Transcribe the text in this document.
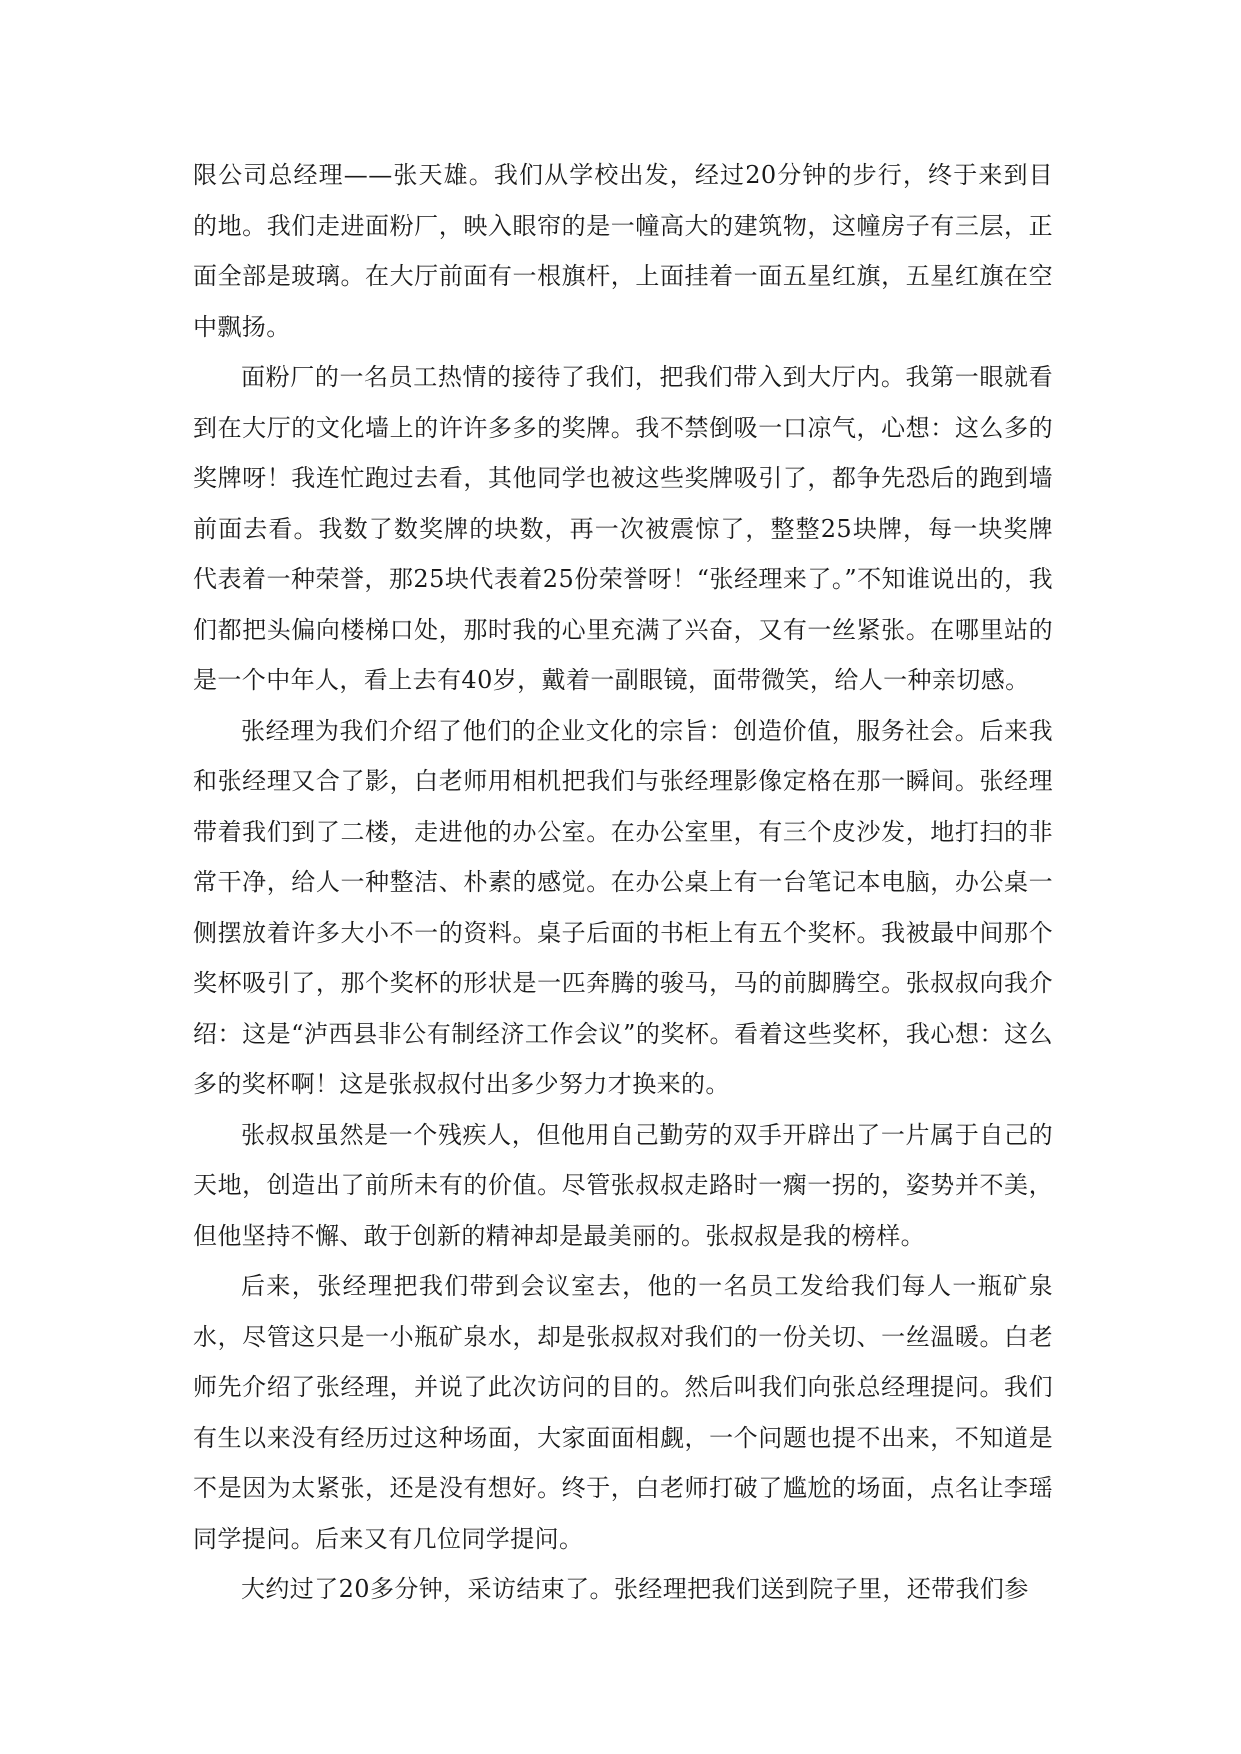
限公司总经理——张天雄。我们从学校出发，经过20分钟的步行，终于来到目的地。我们走进面粉厂，映入眼帘的是一幢高大的建筑物，这幢房子有三层，正面全部是玻璃。在大厅前面有一根旗杆，上面挂着一面五星红旗，五星红旗在空中飘扬。

面粉厂的一名员工热情的接待了我们，把我们带入到大厅内。我第一眼就看到在大厅的文化墙上的许许多多的奖牌。我不禁倒吸一口凉气，心想：这么多的奖牌呀！我连忙跑过去看，其他同学也被这些奖牌吸引了，都争先恐后的跑到墙前面去看。我数了数奖牌的块数，再一次被震惊了，整整25块牌，每一块奖牌代表着一种荣誉，那25块代表着25份荣誉呀！“张经理来了。”不知谁说出的，我们都把头偏向楼梯口处，那时我的心里充满了兴奋，又有一丝紧张。在哪里站的是一个中年人，看上去有40岁，戴着一副眼镜，面带微笑，给人一种亲切感。

张经理为我们介绍了他们的企业文化的宗旨：创造价值，服务社会。后来我和张经理又合了影，白老师用相机把我们与张经理影像定格在那一瞬间。张经理带着我们到了二楼，走进他的办公室。在办公室里，有三个皮沙发，地打扫的非常干净，给人一种整洁、朴素的感觉。在办公桌上有一台笔记本电脑，办公桌一侧摆放着许多大小不一的资料。桌子后面的书柜上有五个奖杯。我被最中间那个奖杯吸引了，那个奖杯的形状是一匹奔腾的骏马，马的前脚腾空。张叔叔向我介绍：这是“泸西县非公有制经济工作会议”的奖杯。看着这些奖杯，我心想：这么多的奖杯啊！这是张叔叔付出多少努力才换来的。

张叔叔虽然是一个残疾人，但他用自己勤劳的双手开辟出了一片属于自己的天地，创造出了前所未有的价值。尽管张叔叔走路时一瘸一拐的，姿势并不美，但他坚持不懈、敢于创新的精神却是最美丽的。张叔叔是我的榜样。

后来，张经理把我们带到会议室去，他的一名员工发给我们每人一瓶矿泉水，尽管这只是一小瓶矿泉水，却是张叔叔对我们的一份关切、一丝温暖。白老师先介绍了张经理，并说了此次访问的目的。然后叫我们向张总经理提问。我们有生以来没有经历过这种场面，大家面面相觑，一个问题也提不出来，不知道是不是因为太紧张，还是没有想好。终于，白老师打破了尴尬的场面，点名让李瑶同学提问。后来又有几位同学提问。

大约过了20多分钟，采访结束了。张经理把我们送到院子里，还带我们参
